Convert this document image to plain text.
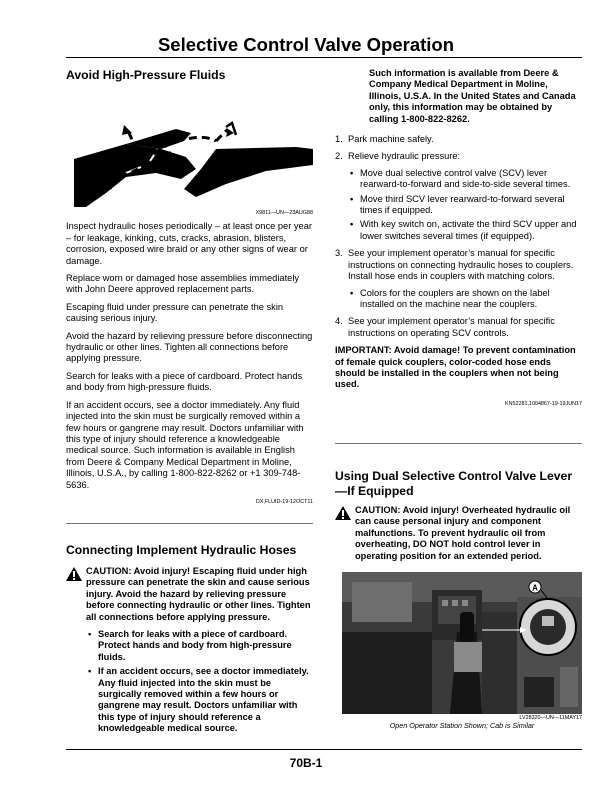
Selective Control Valve Operation
Avoid High-Pressure Fluids
X9811—UN—23AUG88

Inspect hydraulic hoses periodically – at least once per year – for leakage, kinking, cuts, cracks, abrasion, blisters, corrosion, exposed wire braid or any other signs of wear or damage.

Replace worn or damaged hose assemblies immediately with John Deere approved replacement parts.

Escaping fluid under pressure can penetrate the skin causing serious injury.

Avoid the hazard by relieving pressure before disconnecting hydraulic or other lines. Tighten all connections before applying pressure.

Search for leaks with a piece of cardboard. Protect hands and body from high-pressure fluids.

If an accident occurs, see a doctor immediately. Any fluid injected into the skin must be surgically removed within a few hours or gangrene may result. Doctors unfamiliar with this type of injury should reference a knowledgeable medical source. Such information is available in English from Deere & Company Medical Department in Moline, Illinois, U.S.A., by calling 1-800-822-8262 or +1 309-748-5636.

DX,FLUID-19-12OCT11
Connecting Implement Hydraulic Hoses
CAUTION: Avoid injury! Escaping fluid under high pressure can penetrate the skin and cause serious injury. Avoid the hazard by relieving pressure before connecting hydraulic or other lines. Tighten all connections before applying pressure.
• Search for leaks with a piece of cardboard. Protect hands and body from high-pressure fluids.
• If an accident occurs, see a doctor immediately. Any fluid injected into the skin must be surgically removed within a few hours or gangrene may result. Doctors unfamiliar with this type of injury should reference a knowledgeable medical source.
Such information is available from Deere & Company Medical Department in Moline, Illinois, U.S.A. In the United States and Canada only, this information may be obtained by calling 1-800-822-8262.
1. Park machine safely.
2. Relieve hydraulic pressure:
• Move dual selective control valve (SCV) lever rearward-to-forward and side-to-side several times.
• Move third SCV lever rearward-to-forward several times if equipped.
• With key switch on, activate the third SCV upper and lower switches several times (if equipped).
3. See your implement operator’s manual for specific instructions on connecting hydraulic hoses to couplers. Install hose ends in couplers with matching colors.
• Colors for the couplers are shown on the label installed on the machine near the couplers.
4. See your implement operator’s manual for specific instructions on operating SCV controls.
IMPORTANT: Avoid damage! To prevent contamination of female quick couplers, color-coded hose ends should be installed in the couplers when not being used.
KN52281,1004867-19-19JUN17
Using Dual Selective Control Valve Lever—If Equipped
CAUTION: Avoid injury! Overheated hydraulic oil can cause personal injury and component malfunctions. To prevent hydraulic oil from overheating, DO NOT hold control lever in operating position for an extended period.
A
LV28320—UN—11MAY17
Open Operator Station Shown; Cab is Similar
70B-1
